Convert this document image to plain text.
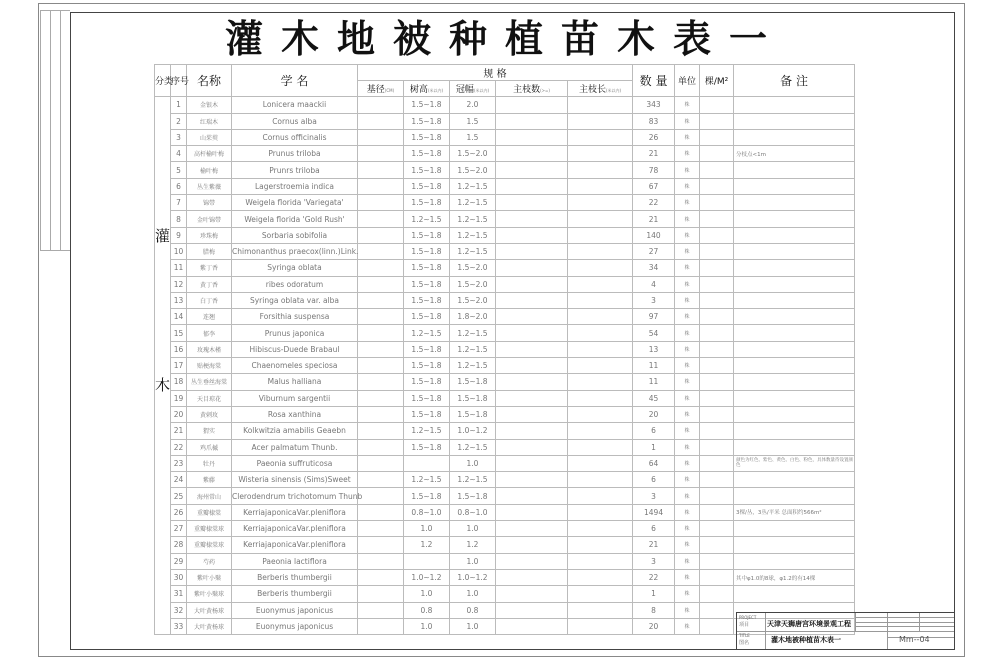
灌木地被种植苗木表一
分类	序号	名称	学 名	规 格					数 量	单位	棵/M²	备 注
				基径(CM)	树高(米以内)	冠幅(米以内)	主枝数(>=)	主枝长(米以内)				
灌	1	金银木	Lonicera maackii		1.5~1.8	2.0			343	株		
	2	红瑞木	Cornus alba		1.5~1.8	1.5			83	株		
	3	山茱萸	Cornus officinalis		1.5~1.8	1.5			26	株		
	4	高杆榆叶梅	Prunus triloba		1.5~1.8	1.5~2.0			21	株		分枝点<1m
	5	榆叶梅	Prunrs triloba		1.5~1.8	1.5~2.0			78	株		
	6	丛生紫薇	Lagerstroemia indica		1.5~1.8	1.2~1.5			67	株		
	7	锦带	Weigela florida 'Variegata'		1.5~1.8	1.2~1.5			22	株		
	8	金叶锦带	Weigela florida 'Gold Rush'		1.2~1.5	1.2~1.5			21	株		
	9	珍珠梅	Sorbaria sobifolia		1.5~1.8	1.2~1.5			140	株		
	10	腊梅	Chimonanthus praecox(linn.)Link.		1.5~1.8	1.2~1.5			27	株		
	11	紫丁香	Syringa oblata		1.5~1.8	1.5~2.0			34	株		
	12	黄丁香	ribes odoratum		1.5~1.8	1.5~2.0			4	株		
	13	白丁香	Syringa oblata var. alba		1.5~1.8	1.5~2.0			3	株		
	14	连翘	Forsithia suspensa		1.5~1.8	1.8~2.0			97	株		
	15	郁李	Prunus japonica		1.2~1.5	1.2~1.5			54	株		
	16	玫瑰木槿	Hibiscus-Duede Brabaul		1.5~1.8	1.2~1.5			13	株		
	17	贴梗海棠	Chaenomeles speciosa		1.5~1.8	1.2~1.5			11	株		
木	18	丛生垂丝海棠	Malus halliana		1.5~1.8	1.5~1.8			11	株		
	19	天目琼花	Viburnum sargentii		1.5~1.8	1.5~1.8			45	株		
	20	黄刺玫	Rosa xanthina		1.5~1.8	1.5~1.8			20	株		
	21	猬实	Kolkwitzia amabilis Geaebn		1.2~1.5	1.0~1.2			6	株		
	22	鸡爪槭	Acer palmatum Thunb.		1.5~1.8	1.2~1.5			1	株		
	23	牡丹	Paeonia suffruticosa			1.0			64	株		颜色为红色、紫色、黄色、白色、粉色，具体数量待设置颜色
	24	紫藤	Wisteria sinensis (Sims)Sweet		1.2~1.5	1.2~1.5			6	株		
	25	海州常山	Clerodendrum trichotomum Thunb		1.5~1.8	1.5~1.8			3	株		
	26	重瓣棣棠	KerriajaponicaVar.pleniflora		0.8~1.0	0.8~1.0			1494	株		3棵/丛，3丛/平米 总面积约566m²
	27	重瓣棣棠球	KerriajaponicaVar.pleniflora		1.0	1.0			6	株		
	28	重瓣棣棠球	KerriajaponicaVar.pleniflora		1.2	1.2			21	株		
	29	芍药	Paeonia lactiflora			1.0			3	株		
	30	紫叶小檗	Berberis thumbergii		1.0~1.2	1.0~1.2			22	株		其中φ1.0的8球，φ1.2的有14棵
	31	紫叶小檗球	Berberis thumbergii		1.0	1.0			1	株		
	32	大叶黄杨球	Euonymus japonicus		0.8	0.8			8	株		
	33	大叶黄杨球	Euonymus japonicus		1.0	1.0			20	株		
PROJECT
项目	天津天狮唐宫环境景观工程
TITLE
图名	灌木地被种植苗木表一	Mm--04
